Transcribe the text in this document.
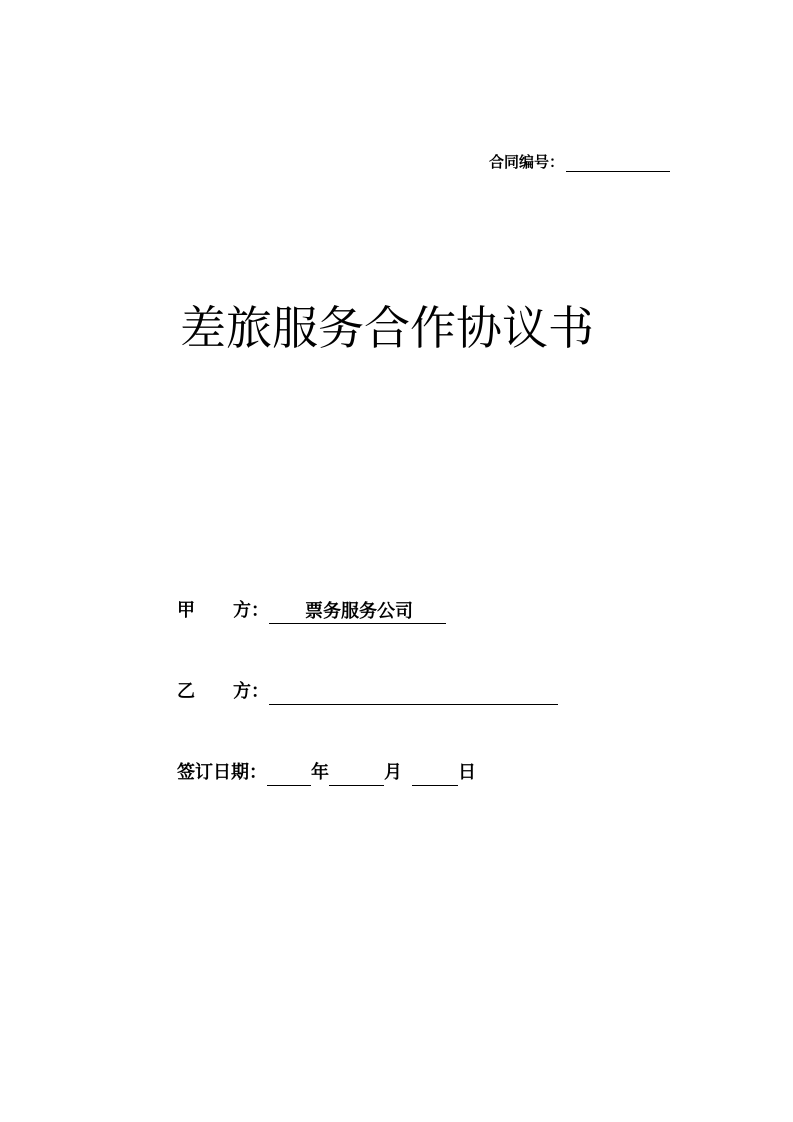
合同编号：
差旅服务合作协议书
甲 方：	票务服务公司
乙 方：
签订日期： 年	月	日
